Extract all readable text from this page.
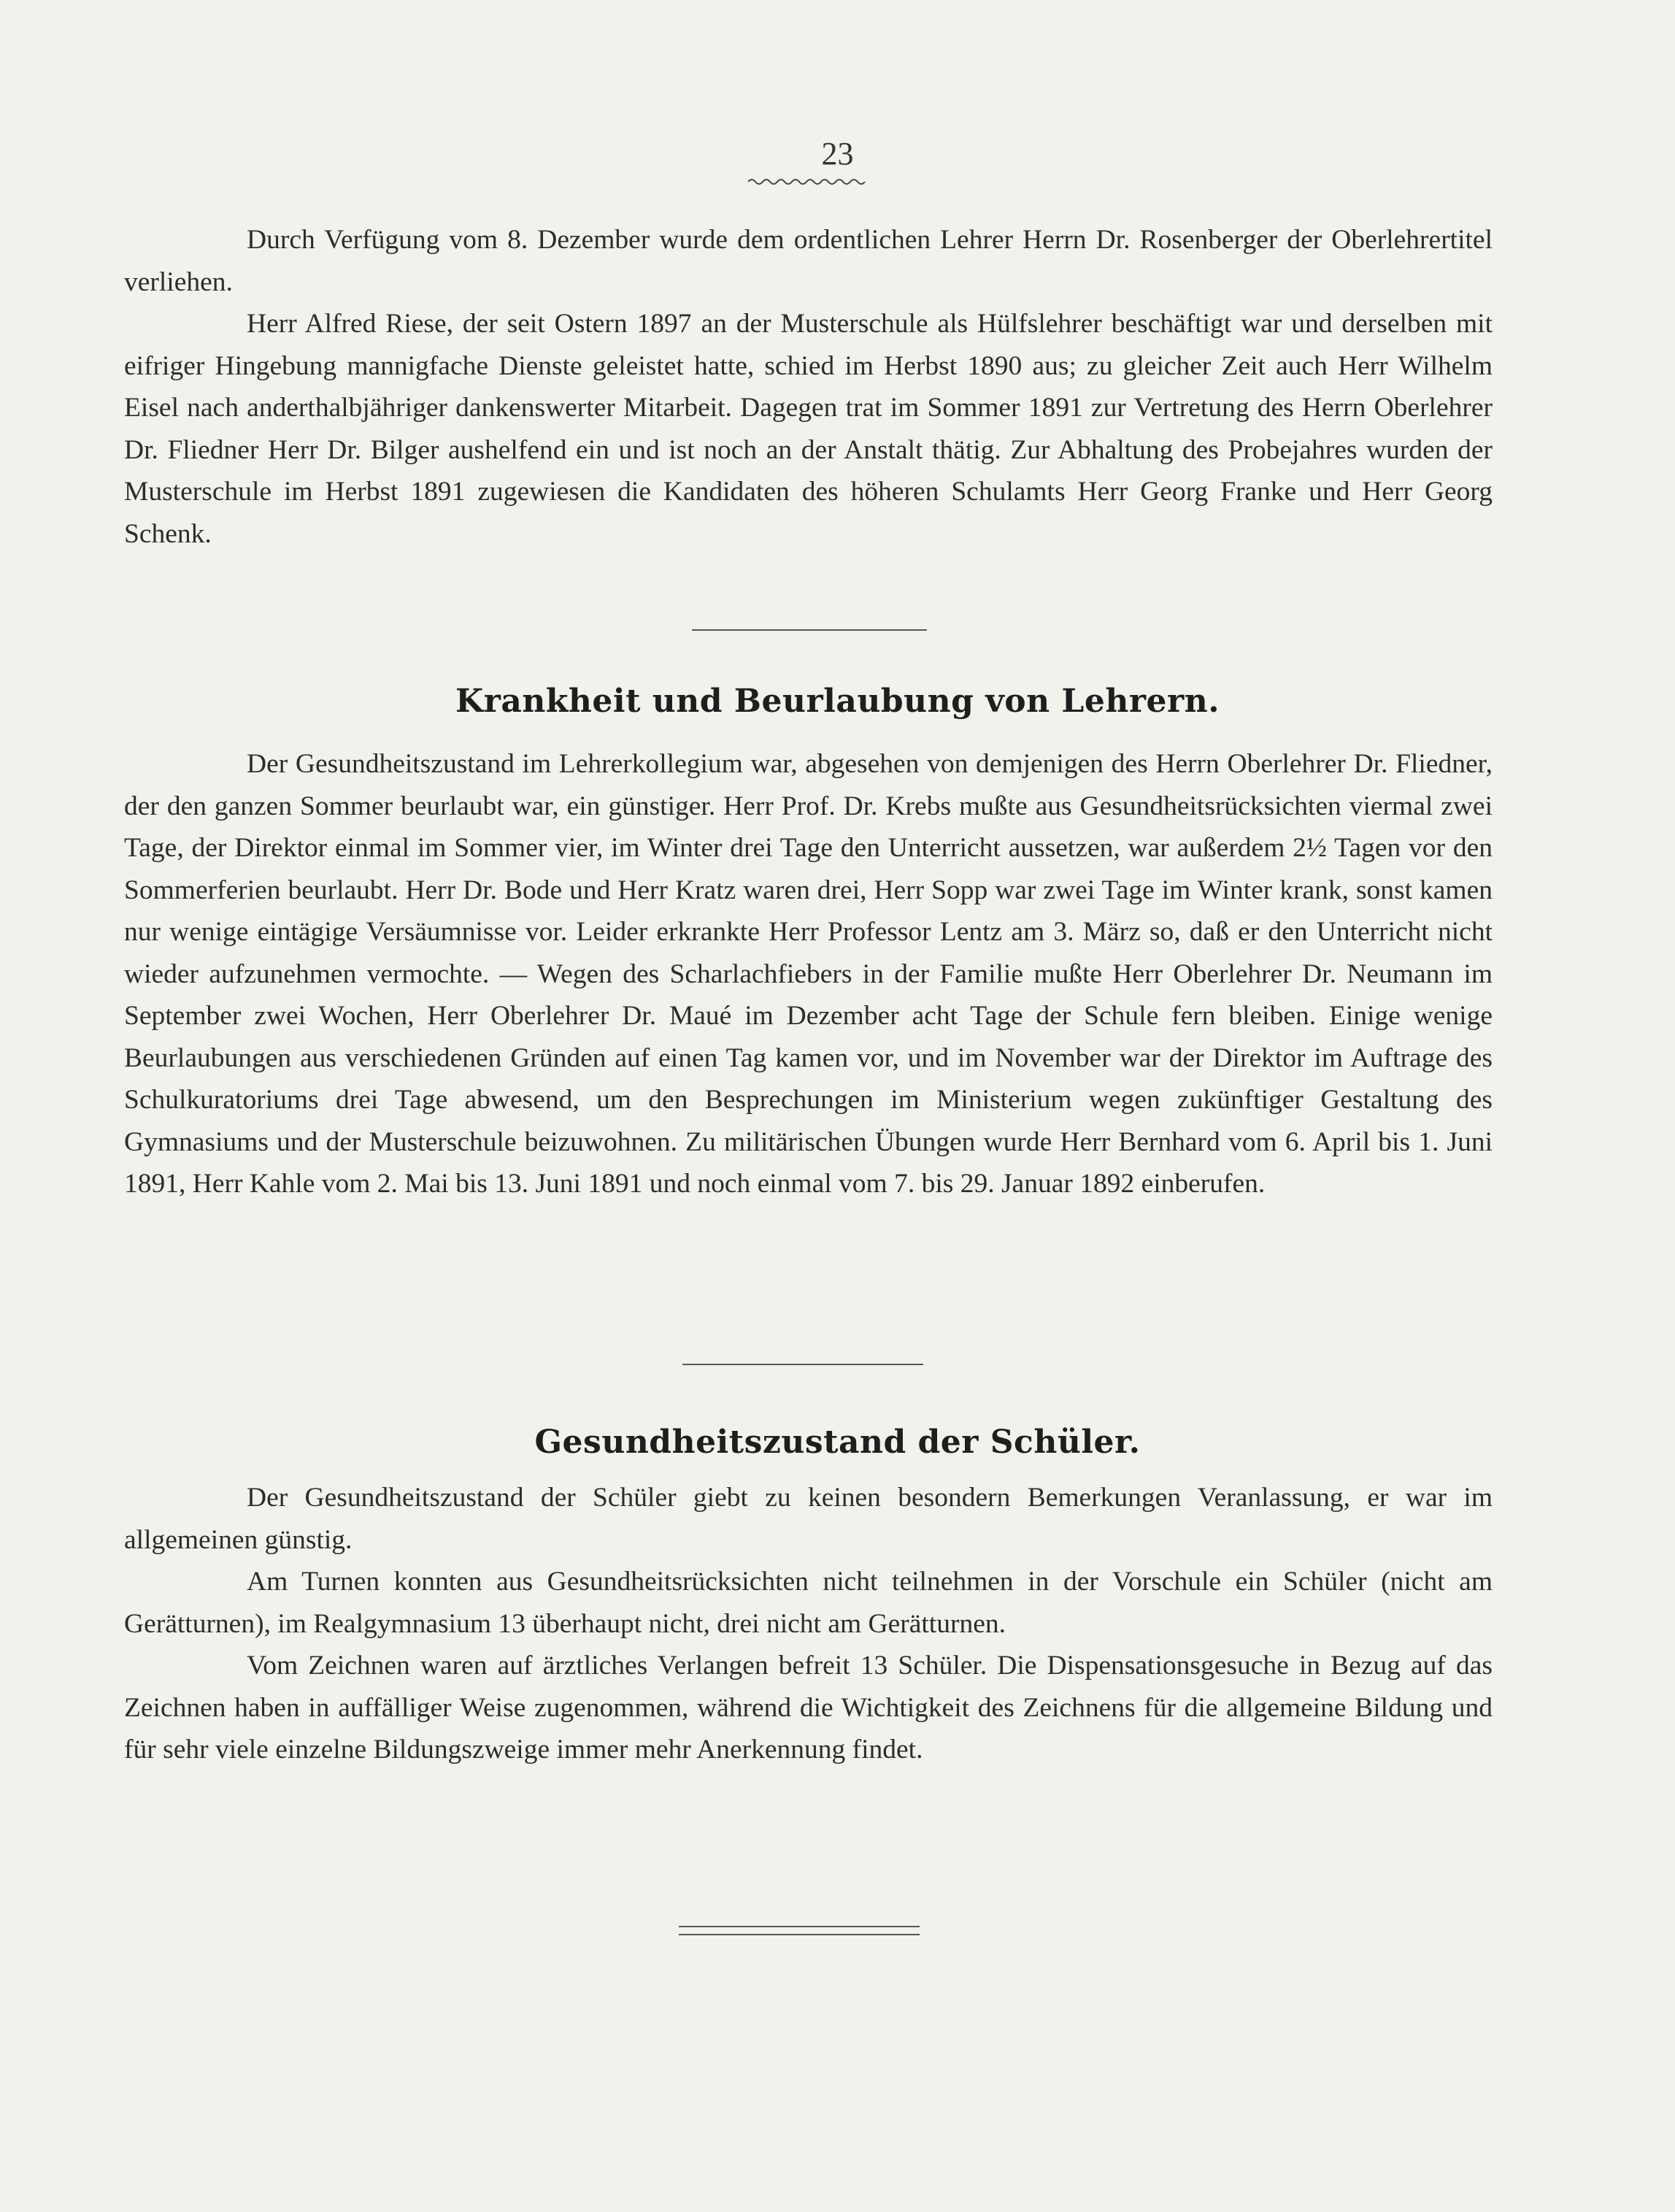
23

Durch Verfügung vom 8. Dezember wurde dem ordentlichen Lehrer Herrn Dr. Rosenberger der Oberlehrertitel verliehen.

Herr Alfred Riese, der seit Ostern 1897 an der Musterschule als Hülfslehrer beschäftigt war und derselben mit eifriger Hingebung mannigfache Dienste geleistet hatte, schied im Herbst 1890 aus; zu gleicher Zeit auch Herr Wilhelm Eisel nach anderthalbjähriger dankenswerter Mitarbeit. Dagegen trat im Sommer 1891 zur Vertretung des Herrn Oberlehrer Dr. Fliedner Herr Dr. Bilger aushelfend ein und ist noch an der Anstalt thätig. Zur Abhaltung des Probejahres wurden der Musterschule im Herbst 1891 zugewiesen die Kandidaten des höheren Schulamts Herr Georg Franke und Herr Georg Schenk.

Krankheit und Beurlaubung von Lehrern.

Der Gesundheitszustand im Lehrerkollegium war, abgesehen von demjenigen des Herrn Oberlehrer Dr. Fliedner, der den ganzen Sommer beurlaubt war, ein günstiger. Herr Prof. Dr. Krebs mußte aus Gesundheitsrücksichten viermal zwei Tage, der Direktor einmal im Sommer vier, im Winter drei Tage den Unterricht aussetzen, war außerdem 2½ Tagen vor den Sommerferien beurlaubt. Herr Dr. Bode und Herr Kratz waren drei, Herr Sopp war zwei Tage im Winter krank, sonst kamen nur wenige eintägige Versäumnisse vor. Leider erkrankte Herr Professor Lentz am 3. März so, daß er den Unterricht nicht wieder aufzunehmen vermochte. — Wegen des Scharlachfiebers in der Familie mußte Herr Oberlehrer Dr. Neumann im September zwei Wochen, Herr Oberlehrer Dr. Maué im Dezember acht Tage der Schule fern bleiben. Einige wenige Beurlaubungen aus verschiedenen Gründen auf einen Tag kamen vor, und im November war der Direktor im Auftrage des Schulkuratoriums drei Tage abwesend, um den Besprechungen im Ministerium wegen zukünftiger Gestaltung des Gymnasiums und der Musterschule beizuwohnen. Zu militärischen Übungen wurde Herr Bernhard vom 6. April bis 1. Juni 1891, Herr Kahle vom 2. Mai bis 13. Juni 1891 und noch einmal vom 7. bis 29. Januar 1892 einberufen.

Gesundheitszustand der Schüler.

Der Gesundheitszustand der Schüler giebt zu keinen besondern Bemerkungen Veranlassung, er war im allgemeinen günstig.

Am Turnen konnten aus Gesundheitsrücksichten nicht teilnehmen in der Vorschule ein Schüler (nicht am Gerätturnen), im Realgymnasium 13 überhaupt nicht, drei nicht am Gerätturnen.

Vom Zeichnen waren auf ärztliches Verlangen befreit 13 Schüler. Die Dispensationsgesuche in Bezug auf das Zeichnen haben in auffälliger Weise zugenommen, während die Wichtigkeit des Zeichnens für die allgemeine Bildung und für sehr viele einzelne Bildungszweige immer mehr Anerkennung findet.
